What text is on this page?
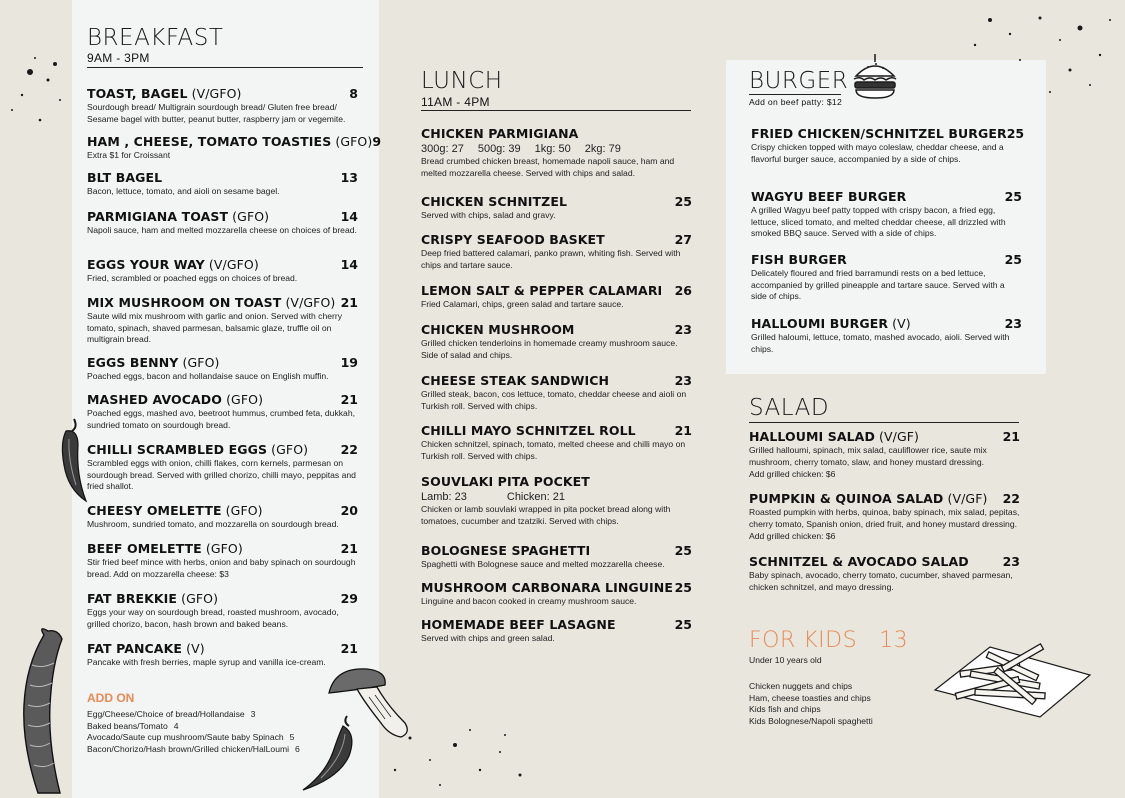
BREAKFAST
9AM - 3PM
TOAST, BAGEL (V/GFO)	8
Sourdough bread/ Multigrain sourdough bread/ Gluten free bread/ Sesame bagel with butter, peanut butter, raspberry jam or vegemite.
HAM , CHEESE, TOMATO TOASTIES (GFO) 9
Extra $1 for Croissant
BLT BAGEL	13
Bacon, lettuce, tomato, and aioli on sesame bagel.
PARMIGIANA TOAST (GFO)	14
Napoli sauce, ham and melted mozzarella cheese on choices of bread.
EGGS YOUR WAY (V/GFO)	14
Fried, scrambled or poached eggs on choices of bread.
MIX MUSHROOM ON TOAST (V/GFO) 21
Saute wild mix mushroom with garlic and onion. Served with cherry tomato, spinach, shaved parmesan, balsamic glaze, truffle oil on multigrain bread.
EGGS BENNY (GFO)	19
Poached eggs, bacon and hollandaise sauce on English muffin.
MASHED AVOCADO (GFO)	21
Poached eggs, mashed avo, beetroot hummus, crumbed feta, dukkah, sundried tomato on sourdough bread.
CHILLI SCRAMBLED EGGS (GFO)	22
Scrambled eggs with onion, chilli flakes, corn kernels, parmesan on sourdough bread. Served with grilled chorizo, chilli mayo, peppitas and fried shallot.
CHEESY OMELETTE (GFO)	20
Mushroom, sundried tomato, and mozzarella on sourdough bread.
BEEF OMELETTE (GFO)	21
Stir fried beef mince with herbs, onion and baby spinach on sourdough bread. Add on mozzarella cheese: $3
FAT BREKKIE (GFO)	29
Eggs your way on sourdough bread, roasted mushroom, avocado, grilled chorizo, bacon, hash brown and baked beans.
FAT PANCAKE (V)	21
Pancake with fresh berries, maple syrup and vanilla ice-cream.
ADD ON
Egg/Cheese/Choice of bread/Hollandaise 3
Baked beans/Tomato 4
Avocado/Saute cup mushroom/Saute baby Spinach 5
Bacon/Chorizo/Hash brown/Grilled chicken/HalLoumi 6
LUNCH
11AM - 4PM
CHICKEN PARMIGIANA
300g: 27 500g: 39 1kg: 50 2kg: 79
Bread crumbed chicken breast, homemade napoli sauce, ham and melted mozzarella cheese. Served with chips and salad.
CHICKEN SCHNITZEL	25
Served with chips, salad and gravy.
CRISPY SEAFOOD BASKET	27
Deep fried battered calamari, panko prawn, whiting fish. Served with chips and tartare sauce.
LEMON SALT & PEPPER CALAMARI 26
Fried Calamari, chips, green salad and tartare sauce.
CHICKEN MUSHROOM	23
Grilled chicken tenderloins in homemade creamy mushroom sauce. Side of salad and chips.
CHEESE STEAK SANDWICH	23
Grilled steak, bacon, cos lettuce, tomato, cheddar cheese and aioli on Turkish roll. Served with chips.
CHILLI MAYO SCHNITZEL ROLL	21
Chicken schnitzel, spinach, tomato, melted cheese and chilli mayo on Turkish roll. Served with chips.
SOUVLAKI PITA POCKET
Lamb: 23	Chicken: 21
Chicken or lamb souvlaki wrapped in pita pocket bread along with tomatoes, cucumber and tzatziki. Served with chips.
BOLOGNESE SPAGHETTI	25
Spaghetti with Bolognese sauce and melted mozzarella cheese.
MUSHROOM CARBONARA LINGUINE 25
Linguine and bacon cooked in creamy mushroom sauce.
HOMEMADE BEEF LASAGNE	25
Served with chips and green salad.
BURGER
Add on beef patty: $12
FRIED CHICKEN/SCHNITZEL BURGER 25
Crispy chicken topped with mayo coleslaw, cheddar cheese, and a flavorful burger sauce, accompanied by a side of chips.
WAGYU BEEF BURGER	25
A grilled Wagyu beef patty topped with crispy bacon, a fried egg, lettuce, sliced tomato, and melted cheddar cheese, all drizzled with smoked BBQ sauce. Served with a side of chips.
FISH BURGER	25
Delicately floured and fried barramundi rests on a bed lettuce, accompanied by grilled pineapple and tartare sauce. Served with a side of chips.
HALLOUMI BURGER (V)	23
Grilled haloumi, lettuce, tomato, mashed avocado, aioli. Served with chips.
SALAD
HALLOUMI SALAD (V/GF)	21
Grilled halloumi, spinach, mix salad, cauliflower rice, saute mix mushroom, cherry tomato, slaw, and honey mustard dressing.
Add grilled chicken: $6
PUMPKIN & QUINOA SALAD (V/GF) 22
Roasted pumpkin with herbs, quinoa, baby spinach, mix salad, pepitas, cherry tomato, Spanish onion, dried fruit, and honey mustard dressing.
Add grilled chicken: $6
SCHNITZEL & AVOCADO SALAD	23
Baby spinach, avocado, cherry tomato, cucumber, shaved parmesan, chicken schnitzel, and mayo dressing.
FOR KIDS 13
Under 10 years old
Chicken nuggets and chips
Ham, cheese toasties and chips
Kids fish and chips
Kids Bolognese/Napoli spaghetti
